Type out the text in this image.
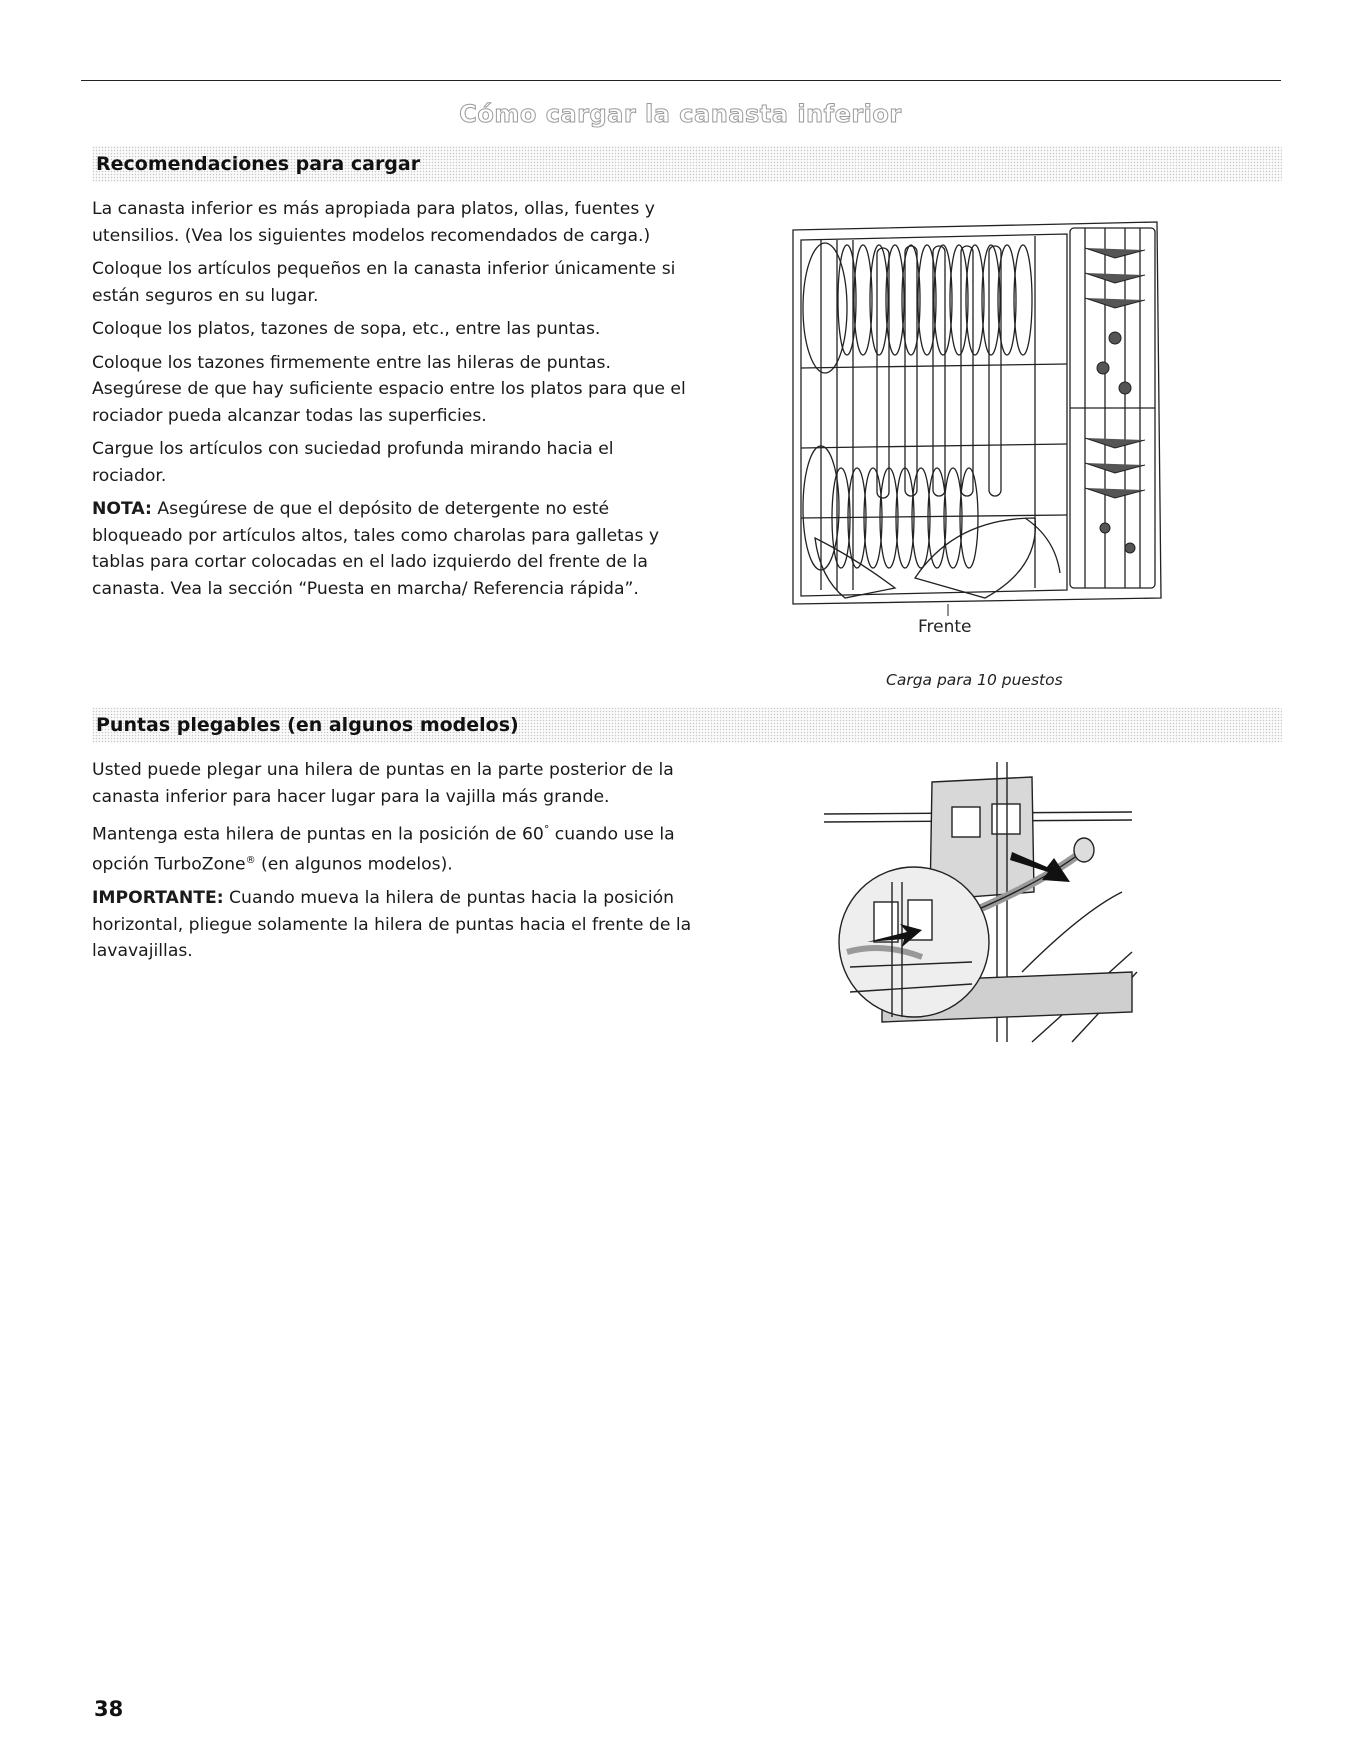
Cómo cargar la canasta inferior
Recomendaciones para cargar

La canasta inferior es más apropiada para platos, ollas, fuentes y utensilios. (Vea los siguientes modelos recomendados de carga.)

Coloque los artículos pequeños en la canasta inferior únicamente si están seguros en su lugar.

Coloque los platos, tazones de sopa, etc., entre las puntas.

Coloque los tazones firmemente entre las hileras de puntas. Asegúrese de que hay suficiente espacio entre los platos para que el rociador pueda alcanzar todas las superficies.

Cargue los artículos con suciedad profunda mirando hacia el rociador.

NOTA: Asegúrese de que el depósito de detergente no esté bloqueado por artículos altos, tales como charolas para galletas y tablas para cortar colocadas en el lado izquierdo del frente de la canasta. Vea la sección “Puesta en marcha/ Referencia rápida”.

Frente
Carga para 10 puestos
Puntas plegables (en algunos modelos)

Usted puede plegar una hilera de puntas en la parte posterior de la canasta inferior para hacer lugar para la vajilla más grande.

Mantenga esta hilera de puntas en la posición de 60° cuando use la opción TurboZone® (en algunos modelos).

IMPORTANTE: Cuando mueva la hilera de puntas hacia la posición horizontal, pliegue solamente la hilera de puntas hacia el frente de la lavavajillas.

38
